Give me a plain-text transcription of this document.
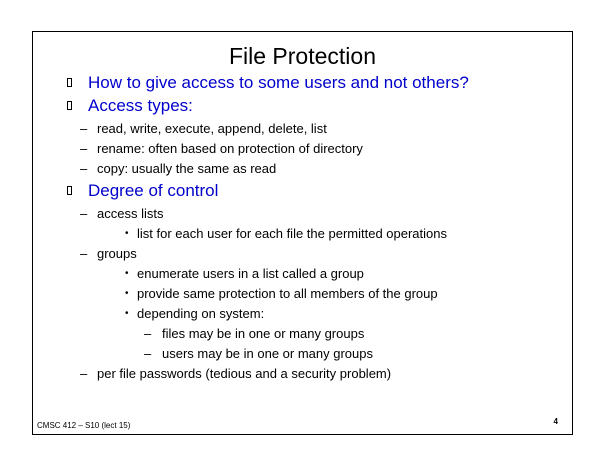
File Protection
How to give access to some users and not others?
Access types:
– read, write, execute, append, delete, list
– rename: often based on protection of directory
– copy: usually the same as read
Degree of control
– access lists
• list for each user for each file the permitted operations
– groups
• enumerate users in a list called a group
• provide same protection to all members of the group
• depending on system:
– files may be in one or many groups
– users may be in one or many groups
– per file passwords (tedious and a security problem)
CMSC 412 – S10 (lect 15)	4
